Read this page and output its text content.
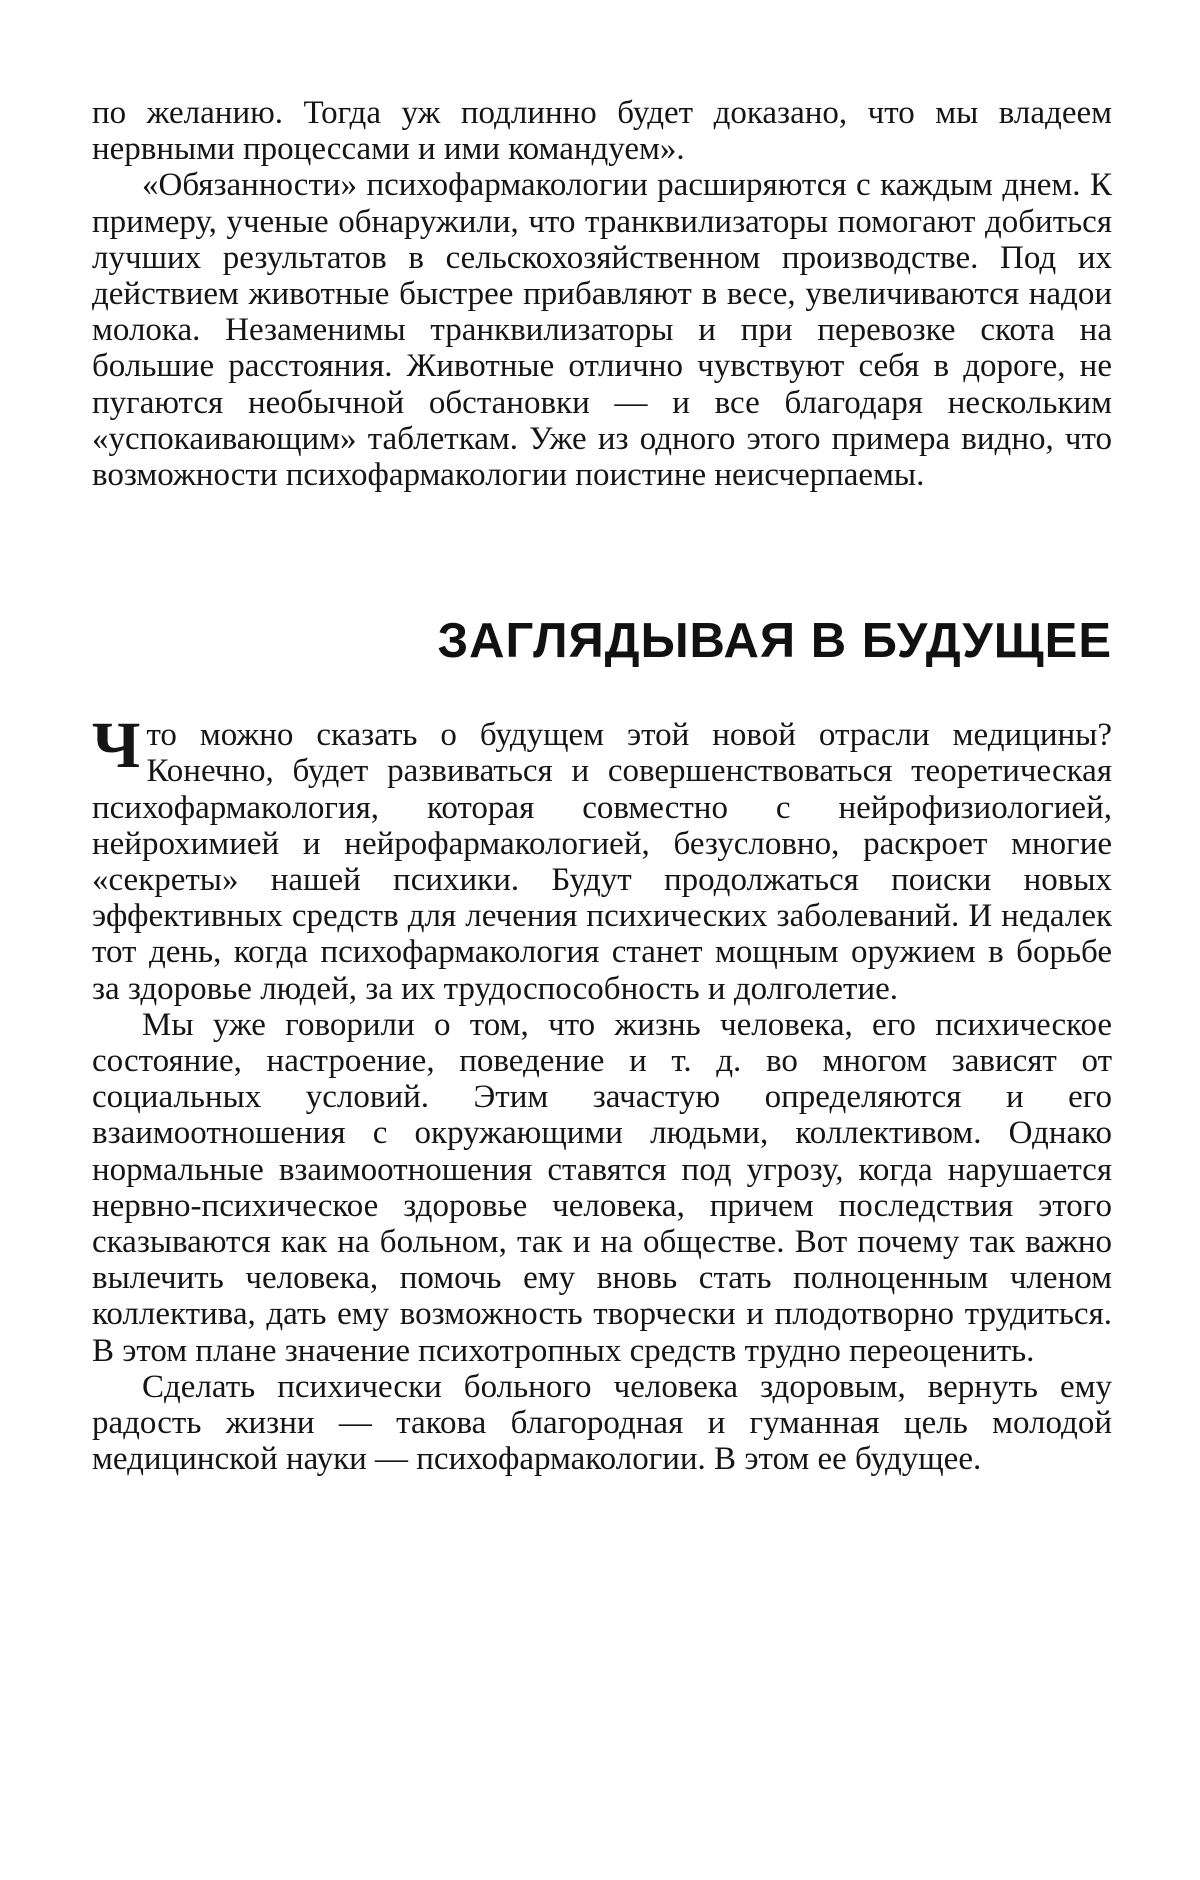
по желанию. Тогда уж подлинно будет доказано, что мы владеем нервными процессами и ими командуем».

«Обязанности» психофармакологии расширяются с каждым днем. К примеру, ученые обнаружили, что транквилизаторы помогают добиться лучших результатов в сельскохозяйственном производстве. Под их действием животные быстрее прибавляют в весе, увеличиваются надои молока. Незаменимы транквилизаторы и при перевозке скота на большие расстояния. Животные отлично чувствуют себя в дороге, не пугаются необычной обстановки — и все благодаря нескольким «успокаивающим» таблеткам. Уже из одного этого примера видно, что возможности психофармакологии поистине неисчерпаемы.

ЗАГЛЯДЫВАЯ В БУДУЩЕЕ

Что можно сказать о будущем этой новой отрасли медицины? Конечно, будет развиваться и совершенствоваться теоретическая психофармакология, которая совместно с нейрофизиологией, нейрохимией и нейрофармакологией, безусловно, раскроет многие «секреты» нашей психики. Будут продолжаться поиски новых эффективных средств для лечения психических заболеваний. И недалек тот день, когда психофармакология станет мощным оружием в борьбе за здоровье людей, за их трудоспособность и долголетие.

Мы уже говорили о том, что жизнь человека, его психическое состояние, настроение, поведение и т. д. во многом зависят от социальных условий. Этим зачастую определяются и его взаимоотношения с окружающими людьми, коллективом. Однако нормальные взаимоотношения ставятся под угрозу, когда нарушается нервно-психическое здоровье человека, причем последствия этого сказываются как на больном, так и на обществе. Вот почему так важно вылечить человека, помочь ему вновь стать полноценным членом коллектива, дать ему возможность творчески и плодотворно трудиться. В этом плане значение психотропных средств трудно переоценить.

Сделать психически больного человека здоровым, вернуть ему радость жизни — такова благородная и гуманная цель молодой медицинской науки — психофармакологии. В этом ее будущее.
